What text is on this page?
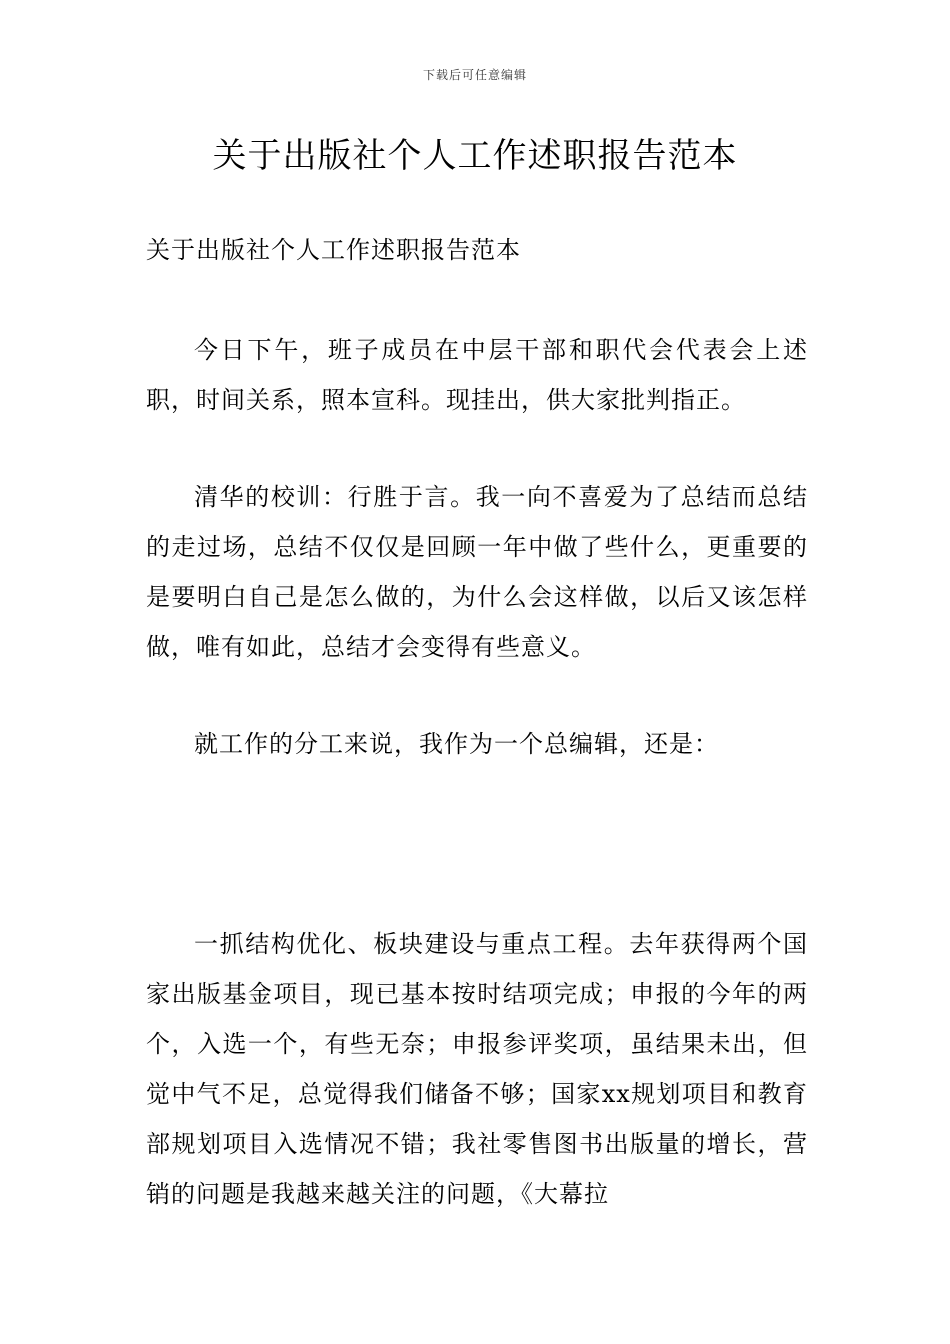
下载后可任意编辑
关于出版社个人工作述职报告范本
关于出版社个人工作述职报告范本

今日下午，班子成员在中层干部和职代会代表会上述职，时间关系，照本宣科。现挂出，供大家批判指正。

清华的校训：行胜于言。我一向不喜爱为了总结而总结的走过场，总结不仅仅是回顾一年中做了些什么，更重要的是要明白自己是怎么做的，为什么会这样做，以后又该怎样做，唯有如此，总结才会变得有些意义。

就工作的分工来说，我作为一个总编辑，还是：

一抓结构优化、板块建设与重点工程。去年获得两个国家出版基金项目，现已基本按时结项完成；申报的今年的两个，入选一个，有些无奈；申报参评奖项，虽结果未出，但觉中气不足，总觉得我们储备不够；国家xx规划项目和教育部规划项目入选情况不错；我社零售图书出版量的增长，营销的问题是我越来越关注的问题，《大幕拉
